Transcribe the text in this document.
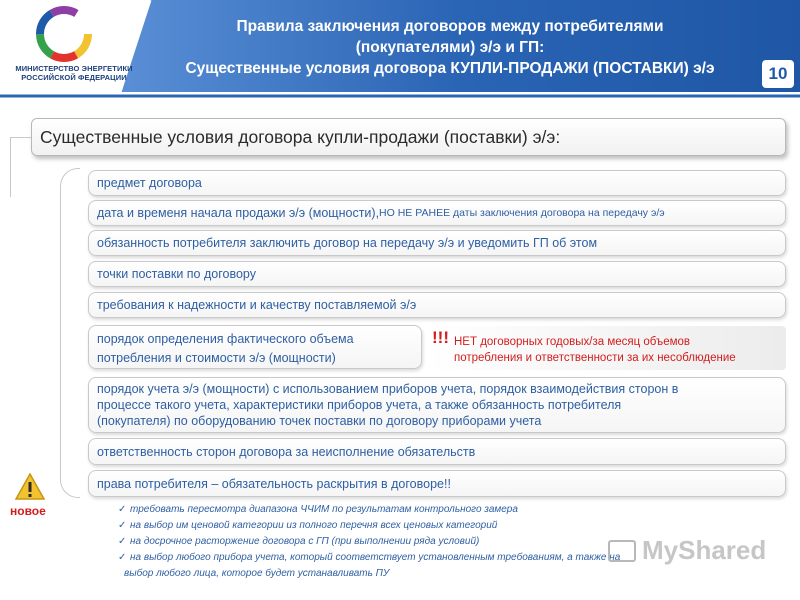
МИНИСТЕРСТВО ЭНЕРГЕТИКИ
РОССИЙСКОЙ ФЕДЕРАЦИИ
Правила заключения договоров между потребителями
(покупателями) э/э и ГП:
Существенные условия договора КУПЛИ-ПРОДАЖИ (ПОСТАВКИ) э/э	10
Существенные условия договора купли-продажи (поставки) э/э:
предмет договора
дата и временя начала продажи э/э (мощности), НО НЕ РАНЕЕ даты заключения договора на передачу э/э
обязанность потребителя заключить договор на передачу э/э и уведомить ГП об этом
точки поставки по договору
требования к надежности и качеству поставляемой э/э
порядок определения фактического объема
потребления и стоимости э/э (мощности)
!!! НЕТ договорных годовых/за месяц объемов
потребления и ответственности за их несоблюдение
порядок учета э/э (мощности) с использованием приборов учета, порядок взаимодействия сторон в
процессе такого учета, характеристики приборов учета, а также обязанность потребителя
(покупателя) по оборудованию точек поставки по договору приборами учета
ответственность сторон договора за неисполнение обязательств
права потребителя – обязательность раскрытия в договоре!!
новое	✓ требовать пересмотра диапазона ЧЧИМ по результатам контрольного замера
✓ на выбор им ценовой категории из полного перечня всех ценовых категорий
✓ на досрочное расторжение договора с ГП (при выполнении ряда условий)
✓ на выбор любого прибора учета, который соответствует установленным требованиям, а также на
выбор любого лица, которое будет устанавливать ПУ
MyShared
